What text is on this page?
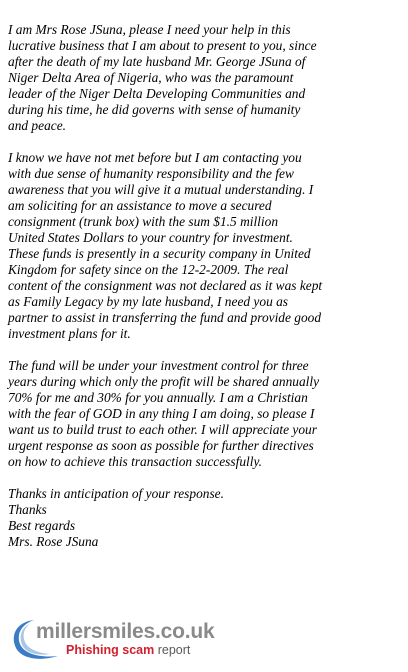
I am Mrs Rose JSuna, please I need your help in this
lucrative business that I am about to present to you, since
after the death of my late husband Mr. George JSuna of
Niger Delta Area of Nigeria, who was the paramount
leader of the Niger Delta Developing Communities and
during his time, he did governs with sense of humanity
and peace.

I know we have not met before but I am contacting you
with due sense of humanity responsibility and the few
awareness that you will give it a mutual understanding. I
am soliciting for an assistance to move a secured
consignment (trunk box) with the sum $1.5 million
United States Dollars to your country for investment.
These funds is presently in a security company in United
Kingdom for safety since on the 12-2-2009. The real
content of the consignment was not declared as it was kept
as Family Legacy by my late husband, I need you as
partner to assist in transferring the fund and provide good
investment plans for it.

The fund will be under your investment control for three
years during which only the profit will be shared annually
70% for me and 30% for you annually. I am a Christian
with the fear of GOD in any thing I am doing, so please I
want us to build trust to each other. I will appreciate your
urgent response as soon as possible for further directives
on how to achieve this transaction successfully.

Thanks in anticipation of your response.
Thanks
Best regards
Mrs. Rose JSuna

millersmiles.co.uk
Phishing scam report
